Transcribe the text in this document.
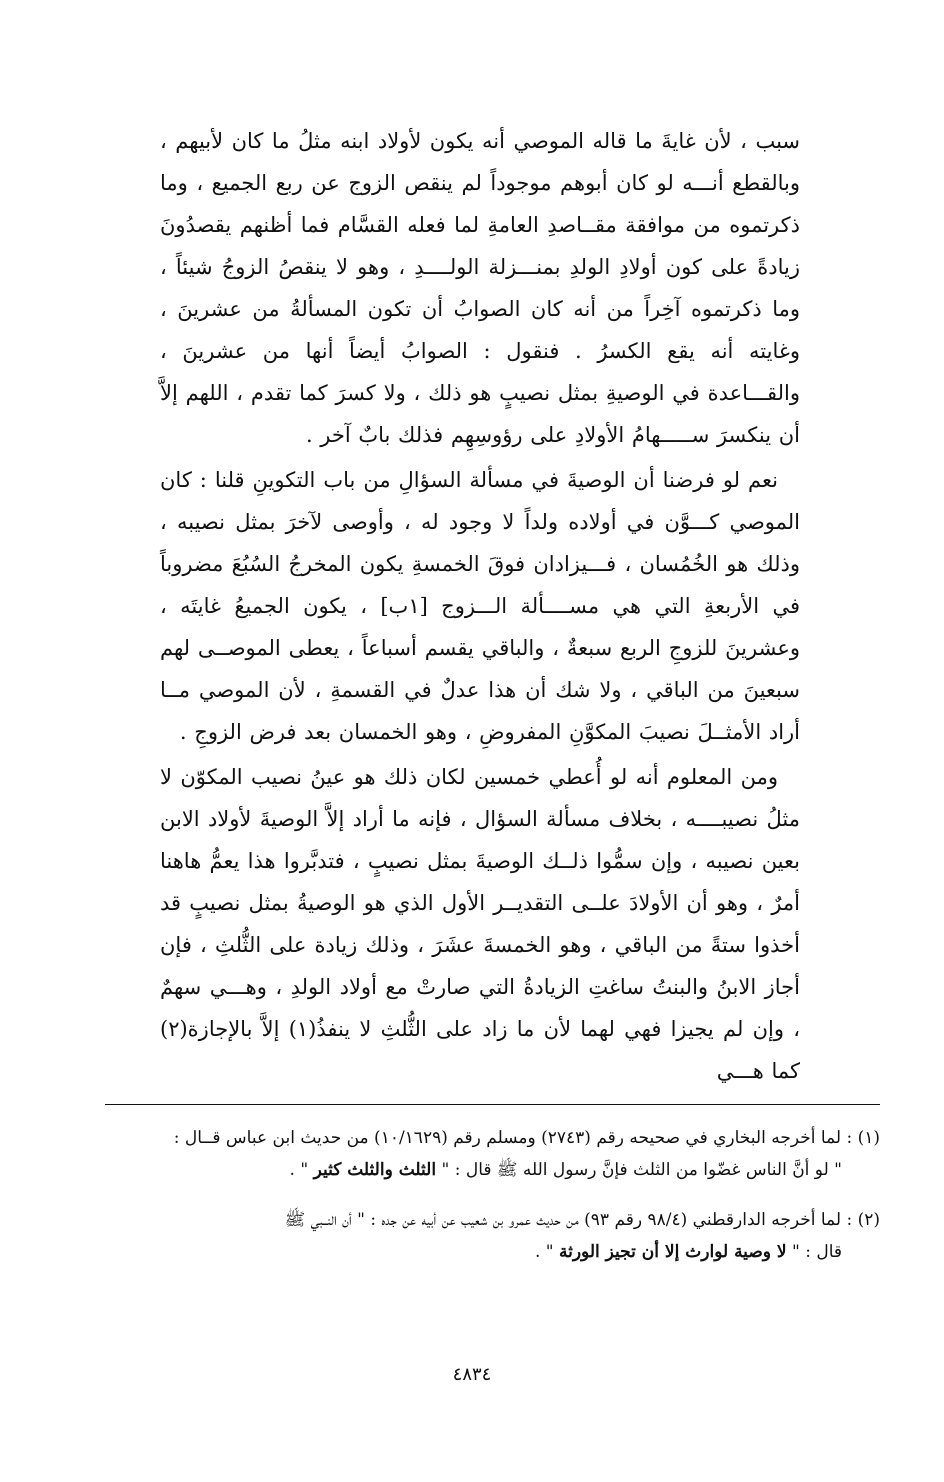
سبب ، لأن غايةَ ما قاله الموصي أنه يكون لأولاد ابنه مثلُ ما كان لأبيهم ، وبالقطع أنـــه لو كان أبوهم موجوداً لم ينقص الزوج عن ربع الجميع ، وما ذكرتموه من موافقة مقــاصدِ العامةِ لما فعله القسَّام فما أظنهم يقصدُونَ زيادةً على كون أولادِ الولدِ بمنـــزلة الولــــدِ ، وهو لا ينقصُ الزوجُ شيئاً ، وما ذكرتموه آخِراً من أنه كان الصوابُ أن تكون المسألةُ من عشرينَ ، وغايته أنه يقع الكسرُ . فنقول : الصوابُ أيضاً أنها من عشرينَ ، والقـــاعدة في الوصيةِ بمثل نصيبٍ هو ذلك ، ولا كسرَ كما تقدم ، اللهم إلاَّ أن ينكسرَ ســـــهامُ الأولادِ على رؤوسِهِم فذلك بابٌ آخر .

نعم لو فرضنا أن الوصيةَ في مسألة السؤالِ من باب التكوينِ قلنا : كان الموصي كـــوَّن في أولاده ولداً لا وجود له ، وأوصى لآخرَ بمثل نصيبه ، وذلك هو الخُمُسان ، فـــيزادان فوقَ الخمسةِ يكون المخرجُ السُبُعَ مضروباً في الأربعةِ التي هي مســــألة الـــزوج [١ب] ، يكون الجميعُ غايتَه ، وعشرينَ للزوجِ الربع سبعةٌ ، والباقي يقسم أسباعاً ، يعطى الموصــى لهم سبعينَ من الباقي ، ولا شك أن هذا عدلٌ في القسمةِ ، لأن الموصي مــا أراد الأمثــلَ نصيبَ المكوَّنِ المفروضِ ، وهو الخمسان بعد فرض الزوجِ .

ومن المعلوم أنه لو أُعطي خمسين لكان ذلك هو عينُ نصيب المكوّن لا مثلُ نصيبــــه ، بخلاف مسألة السؤال ، فإنه ما أراد إلاَّ الوصيةَ لأولاد الابن بعين نصيبه ، وإن سمُّوا ذلــك الوصيةَ بمثل نصيبٍ ، فتدبَّروا هذا يعمُّ هاهنا أمرٌ ، وهو أن الأولادَ علــى التقديــر الأول الذي هو الوصيةُ بمثل نصيبٍ قد أخذوا ستةً من الباقي ، وهو الخمسةَ عشَرَ ، وذلك زيادة على الثُّلثِ ، فإن أجاز الابنُ والبنتُ ساغتِ الزيادةُ التي صارتْ مع أولاد الولدِ ، وهـــي سهمٌ ، وإن لم يجيزا فهي لهما لأن ما زاد على الثُّلثِ لا ينفذُ(١) إلاَّ بالإجازة(٢) كما هـــي

(١) : لما أخرجه البخاري في صحيحه رقم (٢٧٤٣) ومسلم رقم (١٠/١٦٢٩) من حديث ابن عباس قــال :
" لو أنَّ الناس غضّوا من الثلث فإنَّ رسول الله ﷺ قال : " الثلث والثلث كثير " .
(٢) : لما أخرجه الدارقطني (٩٨/٤ رقم ٩٣) من حديث عمرو بن شعيب عن أبيه عن جده : " أن النــبي ﷺ
قال : " لا وصية لوارث إلا أن تجيز الورثة " .
٤٨٣٤
